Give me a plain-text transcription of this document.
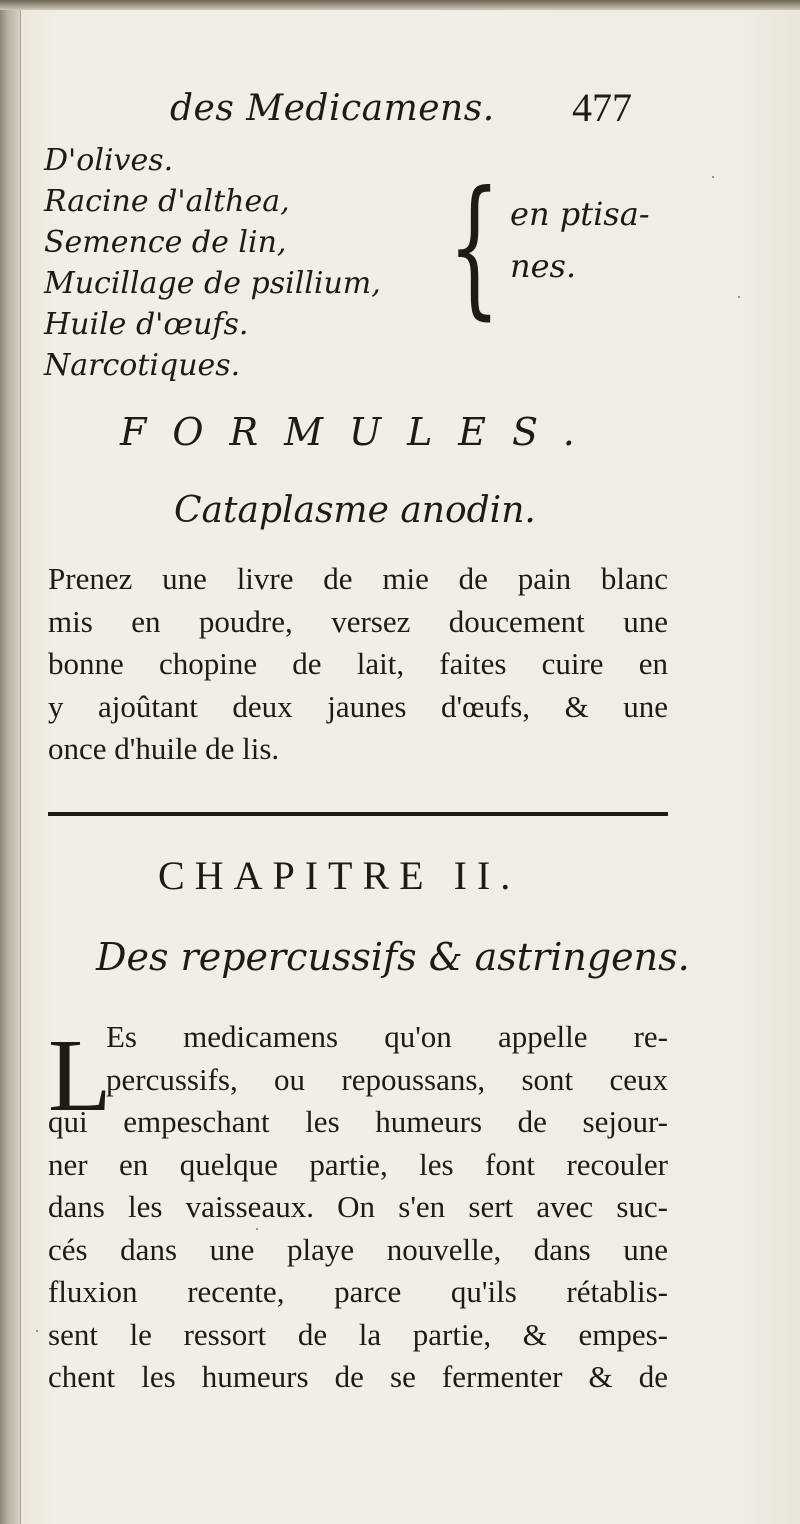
des Medicamens. 477
D'olives.
Racine d'althea,
Semence de lin,
Mucillage de psillium,
Huile d'œufs.
Narcotiques.
{ en ptisa-
nes.
FORMULES.
Cataplasme anodin.
Prenez une livre de mie de pain blanc
mis en poudre, versez doucement une
bonne chopine de lait, faites cuire en
y ajoûtant deux jaunes d'œufs, & une
once d'huile de lis.
CHAPITRE II.
Des repercussifs & astringens.
L
Es medicamens qu'on appelle re-
percussifs, ou repoussans, sont ceux
qui empeschant les humeurs de sejour-
ner en quelque partie, les font recouler
dans les vaisseaux. On s'en sert avec suc-
cés dans une playe nouvelle, dans une
fluxion recente, parce qu'ils rétablis-
sent le ressort de la partie, & empes-
chent les humeurs de se fermenter & de
